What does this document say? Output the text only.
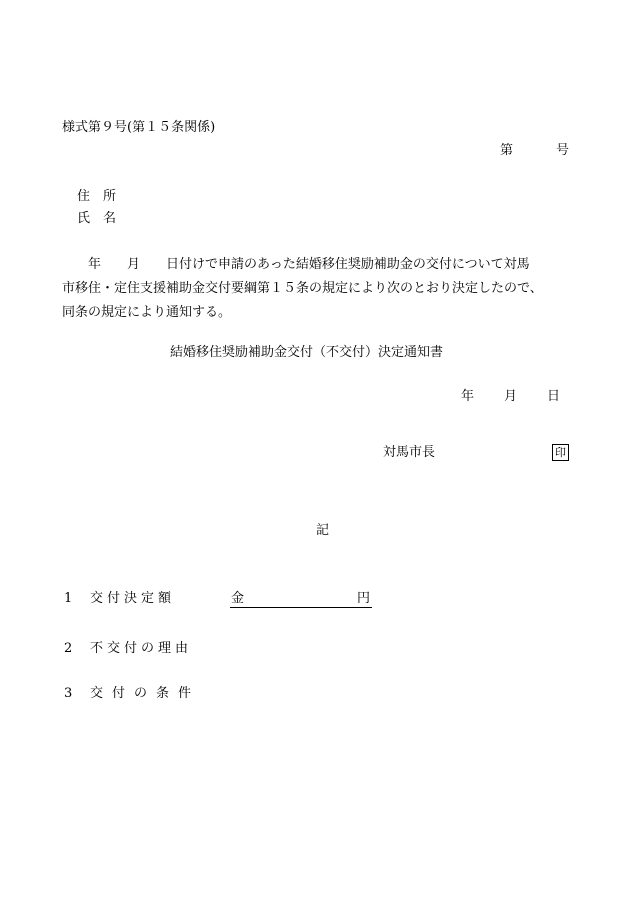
様式第９号(第１５条関係)
第	号
住　所
氏　名
　　年　　月　　日付けで申請のあった結婚移住奨励補助金の交付について対馬
市移住・定住支援補助金交付要綱第１５条の規定により次のとおり決定したので、
同条の規定により通知する。
結婚移住奨励補助金交付（不交付）決定通知書
年 月 日
対馬市長	印
記
1 交付決定額	金	円
2 不交付の理由
3 交付の条件
